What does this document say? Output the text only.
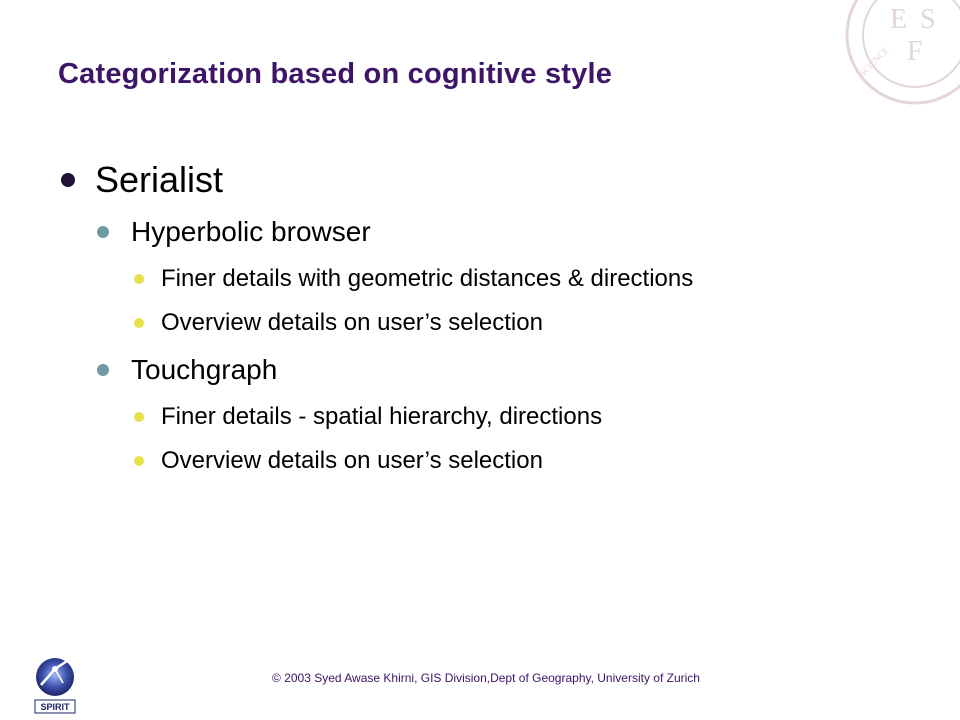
E S
F
SCIENCE
Categorization based on cognitive style
Serialist
Hyperbolic browser
Finer details with geometric distances & directions
Overview details on user’s selection
Touchgraph
Finer details - spatial hierarchy, directions
Overview details on user’s selection
SPIRIT
© 2003 Syed Awase Khirni, GIS Division,Dept of Geography, University of Zurich
